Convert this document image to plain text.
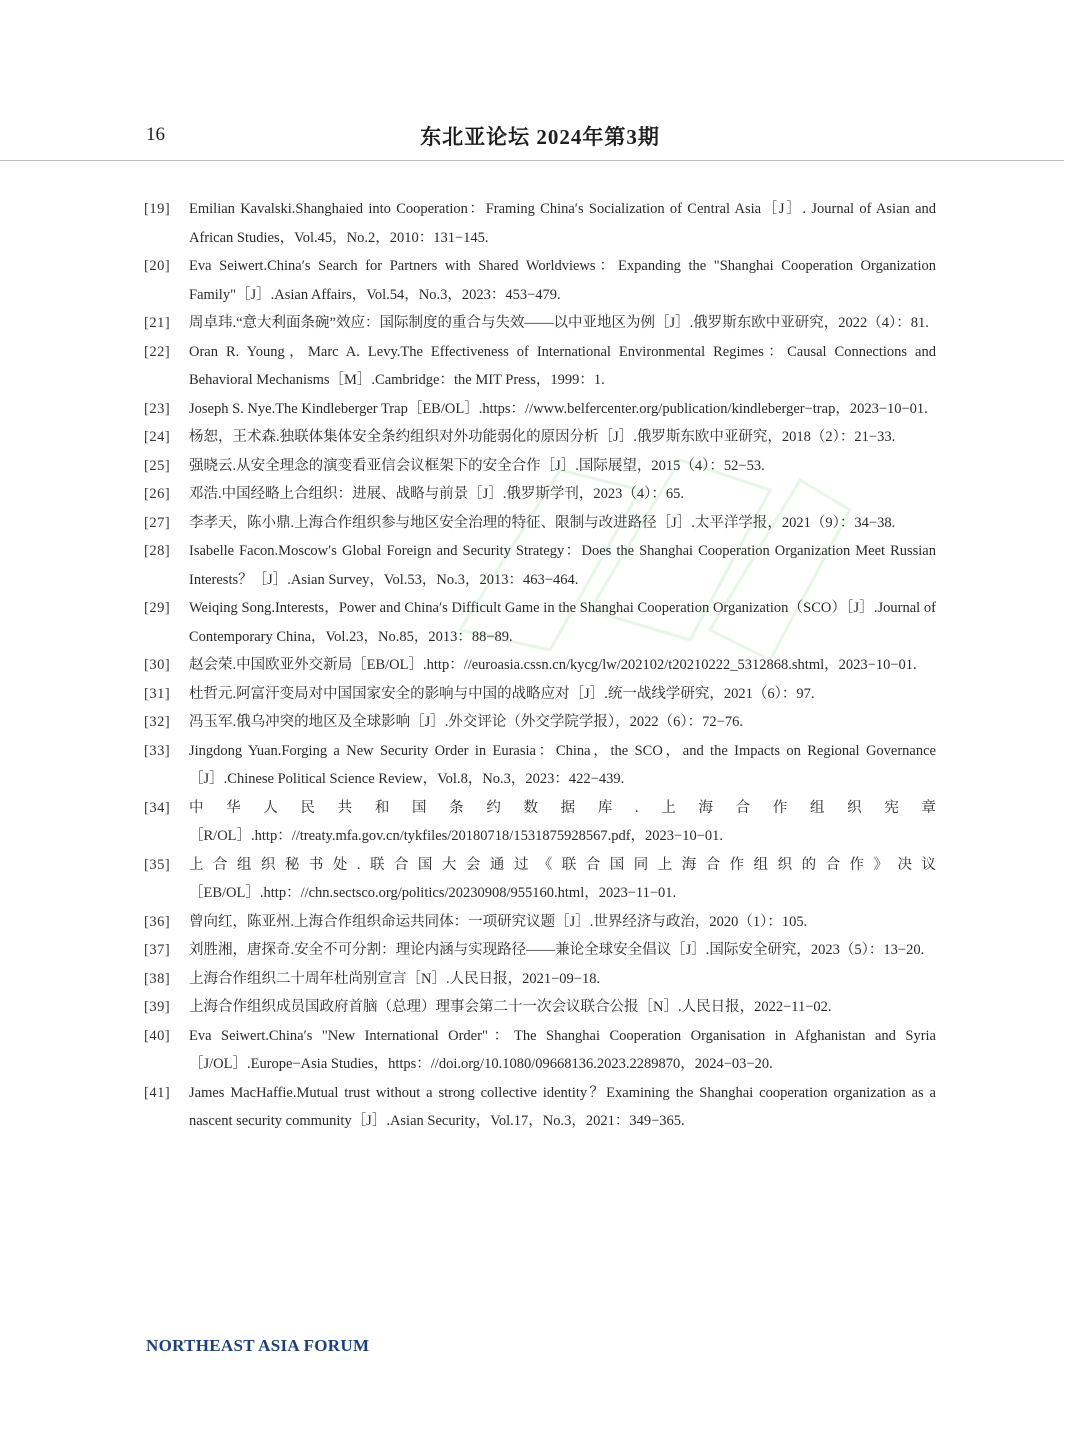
16	东北亚论坛 2024年第3期
[19] Emilian Kavalski.Shanghaied into Cooperation：Framing China′s Socialization of Central Asia［J］. Journal of Asian and African Studies，Vol.45，No.2，2010：131−145.
[20] Eva Seiwert.China′s Search for Partners with Shared Worldviews：Expanding the "Shanghai Cooperation Organization Family"［J］.Asian Affairs，Vol.54，No.3，2023：453−479.
[21] 周卓玮.“意大利面条碗”效应：国际制度的重合与失效——以中亚地区为例［J］.俄罗斯东欧中亚研究，2022（4）：81.
[22] Oran R. Young，Marc A. Levy.The Effectiveness of International Environmental Regimes：Causal Connections and Behavioral Mechanisms［M］.Cambridge：the MIT Press，1999：1.
[23] Joseph S. Nye.The Kindleberger Trap［EB/OL］.https：//www.belfercenter.org/publication/kindleberger−trap，2023−10−01.
[24] 杨恕，王术森.独联体集体安全条约组织对外功能弱化的原因分析［J］.俄罗斯东欧中亚研究，2018（2）：21−33.
[25] 强晓云.从安全理念的演变看亚信会议框架下的安全合作［J］.国际展望，2015（4）：52−53.
[26] 邓浩.中国经略上合组织：进展、战略与前景［J］.俄罗斯学刊，2023（4）：65.
[27] 李孝天，陈小鼎.上海合作组织参与地区安全治理的特征、限制与改进路径［J］.太平洋学报，2021（9）：34−38.
[28] Isabelle Facon.Moscow′s Global Foreign and Security Strategy：Does the Shanghai Cooperation Organization Meet Russian Interests？［J］.Asian Survey，Vol.53，No.3，2013：463−464.
[29] Weiqing Song.Interests，Power and China′s Difficult Game in the Shanghai Cooperation Organization（SCO）［J］.Journal of Contemporary China，Vol.23，No.85，2013：88−89.
[30] 赵会荣.中国欧亚外交新局［EB/OL］.http：//euroasia.cssn.cn/kycg/lw/202102/t20210222_5312868.shtml，2023−10−01.
[31] 杜哲元.阿富汗变局对中国国家安全的影响与中国的战略应对［J］.统一战线学研究，2021（6）：97.
[32] 冯玉军.俄乌冲突的地区及全球影响［J］.外交评论（外交学院学报），2022（6）：72−76.
[33] Jingdong Yuan.Forging a New Security Order in Eurasia：China，the SCO，and the Impacts on Regional Governance［J］.Chinese Political Science Review，Vol.8，No.3，2023：422−439.
[34] 中华人民共和国条约数据库.上海合作组织宪章［R/OL］.http：//treaty.mfa.gov.cn/tykfiles/20180718/1531875928567.pdf，2023−10−01.
[35] 上合组织秘书处.联合国大会通过《联合国同上海合作组织的合作》决议［EB/OL］.http：//chn.sectsco.org/politics/20230908/955160.html，2023−11−01.
[36] 曾向红，陈亚州.上海合作组织命运共同体：一项研究议题［J］.世界经济与政治，2020（1）：105.
[37] 刘胜湘，唐探奇.安全不可分割：理论内涵与实现路径——兼论全球安全倡议［J］.国际安全研究，2023（5）：13−20.
[38] 上海合作组织二十周年杜尚别宣言［N］.人民日报，2021−09−18.
[39] 上海合作组织成员国政府首脑（总理）理事会第二十一次会议联合公报［N］.人民日报，2022−11−02.
[40] Eva Seiwert.China′s "New International Order"：The Shanghai Cooperation Organisation in Afghanistan and Syria［J/OL］.Europe−Asia Studies，https：//doi.org/10.1080/09668136.2023.2289870，2024−03−20.
[41] James MacHaffie.Mutual trust without a strong collective identity？Examining the Shanghai cooperation organization as a nascent security community［J］.Asian Security，Vol.17，No.3，2021：349−365.
NORTHEAST ASIA FORUM
